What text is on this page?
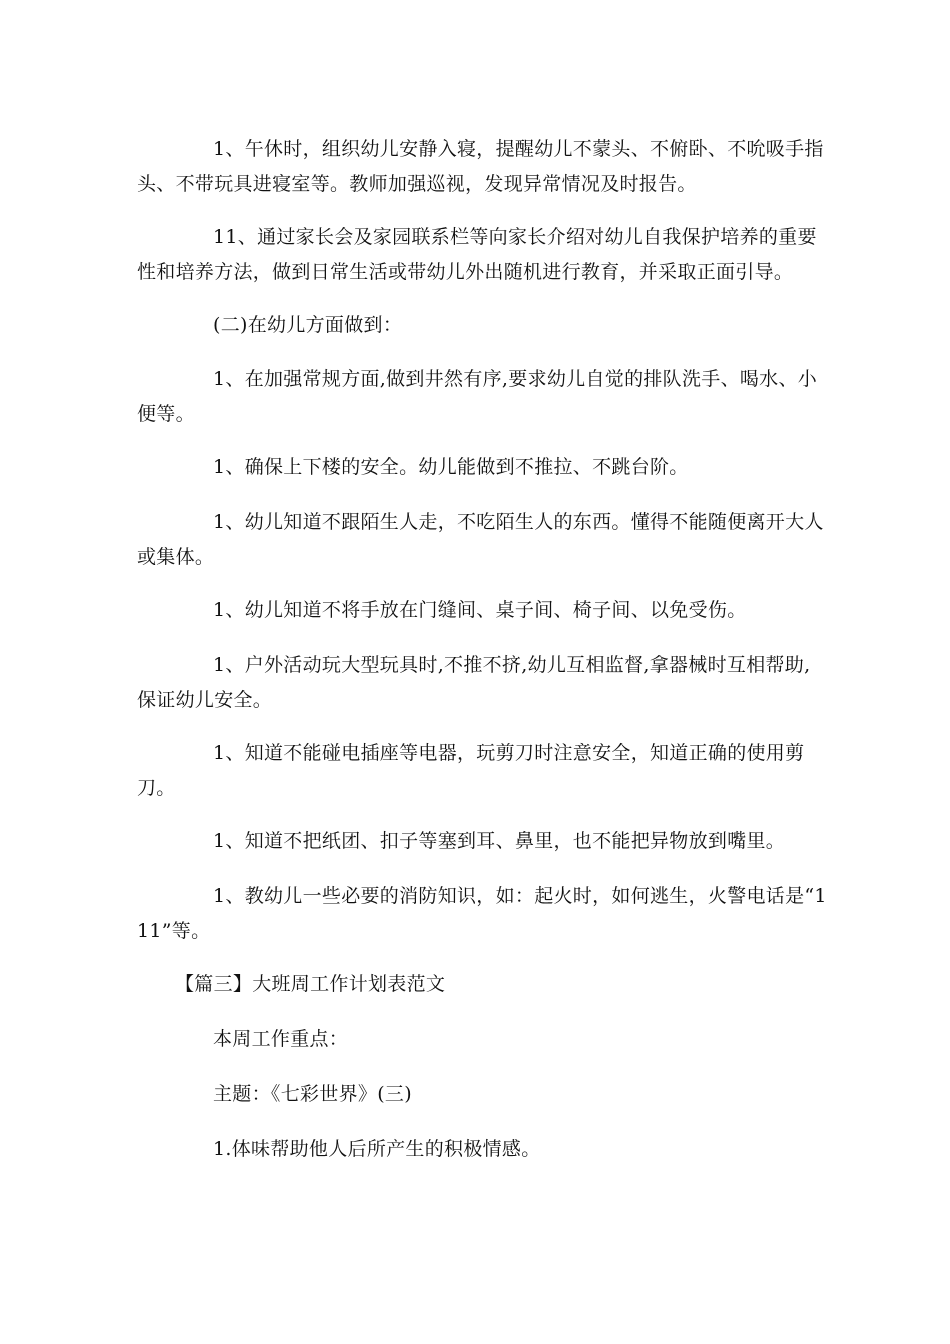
1、午休时，组织幼儿安静入寝，提醒幼儿不蒙头、不俯卧、不吮吸手指头、不带玩具进寝室等。教师加强巡视，发现异常情况及时报告。

11、通过家长会及家园联系栏等向家长介绍对幼儿自我保护培养的重要性和培养方法，做到日常生活或带幼儿外出随机进行教育，并采取正面引导。

(二)在幼儿方面做到：

1、在加强常规方面,做到井然有序,要求幼儿自觉的排队洗手、喝水、小便等。

1、确保上下楼的安全。幼儿能做到不推拉、不跳台阶。

1、幼儿知道不跟陌生人走，不吃陌生人的东西。懂得不能随便离开大人或集体。

1、幼儿知道不将手放在门缝间、桌子间、椅子间、以免受伤。

1、户外活动玩大型玩具时,不推不挤,幼儿互相监督,拿器械时互相帮助,保证幼儿安全。

1、知道不能碰电插座等电器，玩剪刀时注意安全，知道正确的使用剪刀。

1、知道不把纸团、扣子等塞到耳、鼻里，也不能把异物放到嘴里。

1、教幼儿一些必要的消防知识，如：起火时，如何逃生，火警电话是“111”等。

【篇三】大班周工作计划表范文

本周工作重点：

主题：《七彩世界》(三)

1.体味帮助他人后所产生的积极情感。
